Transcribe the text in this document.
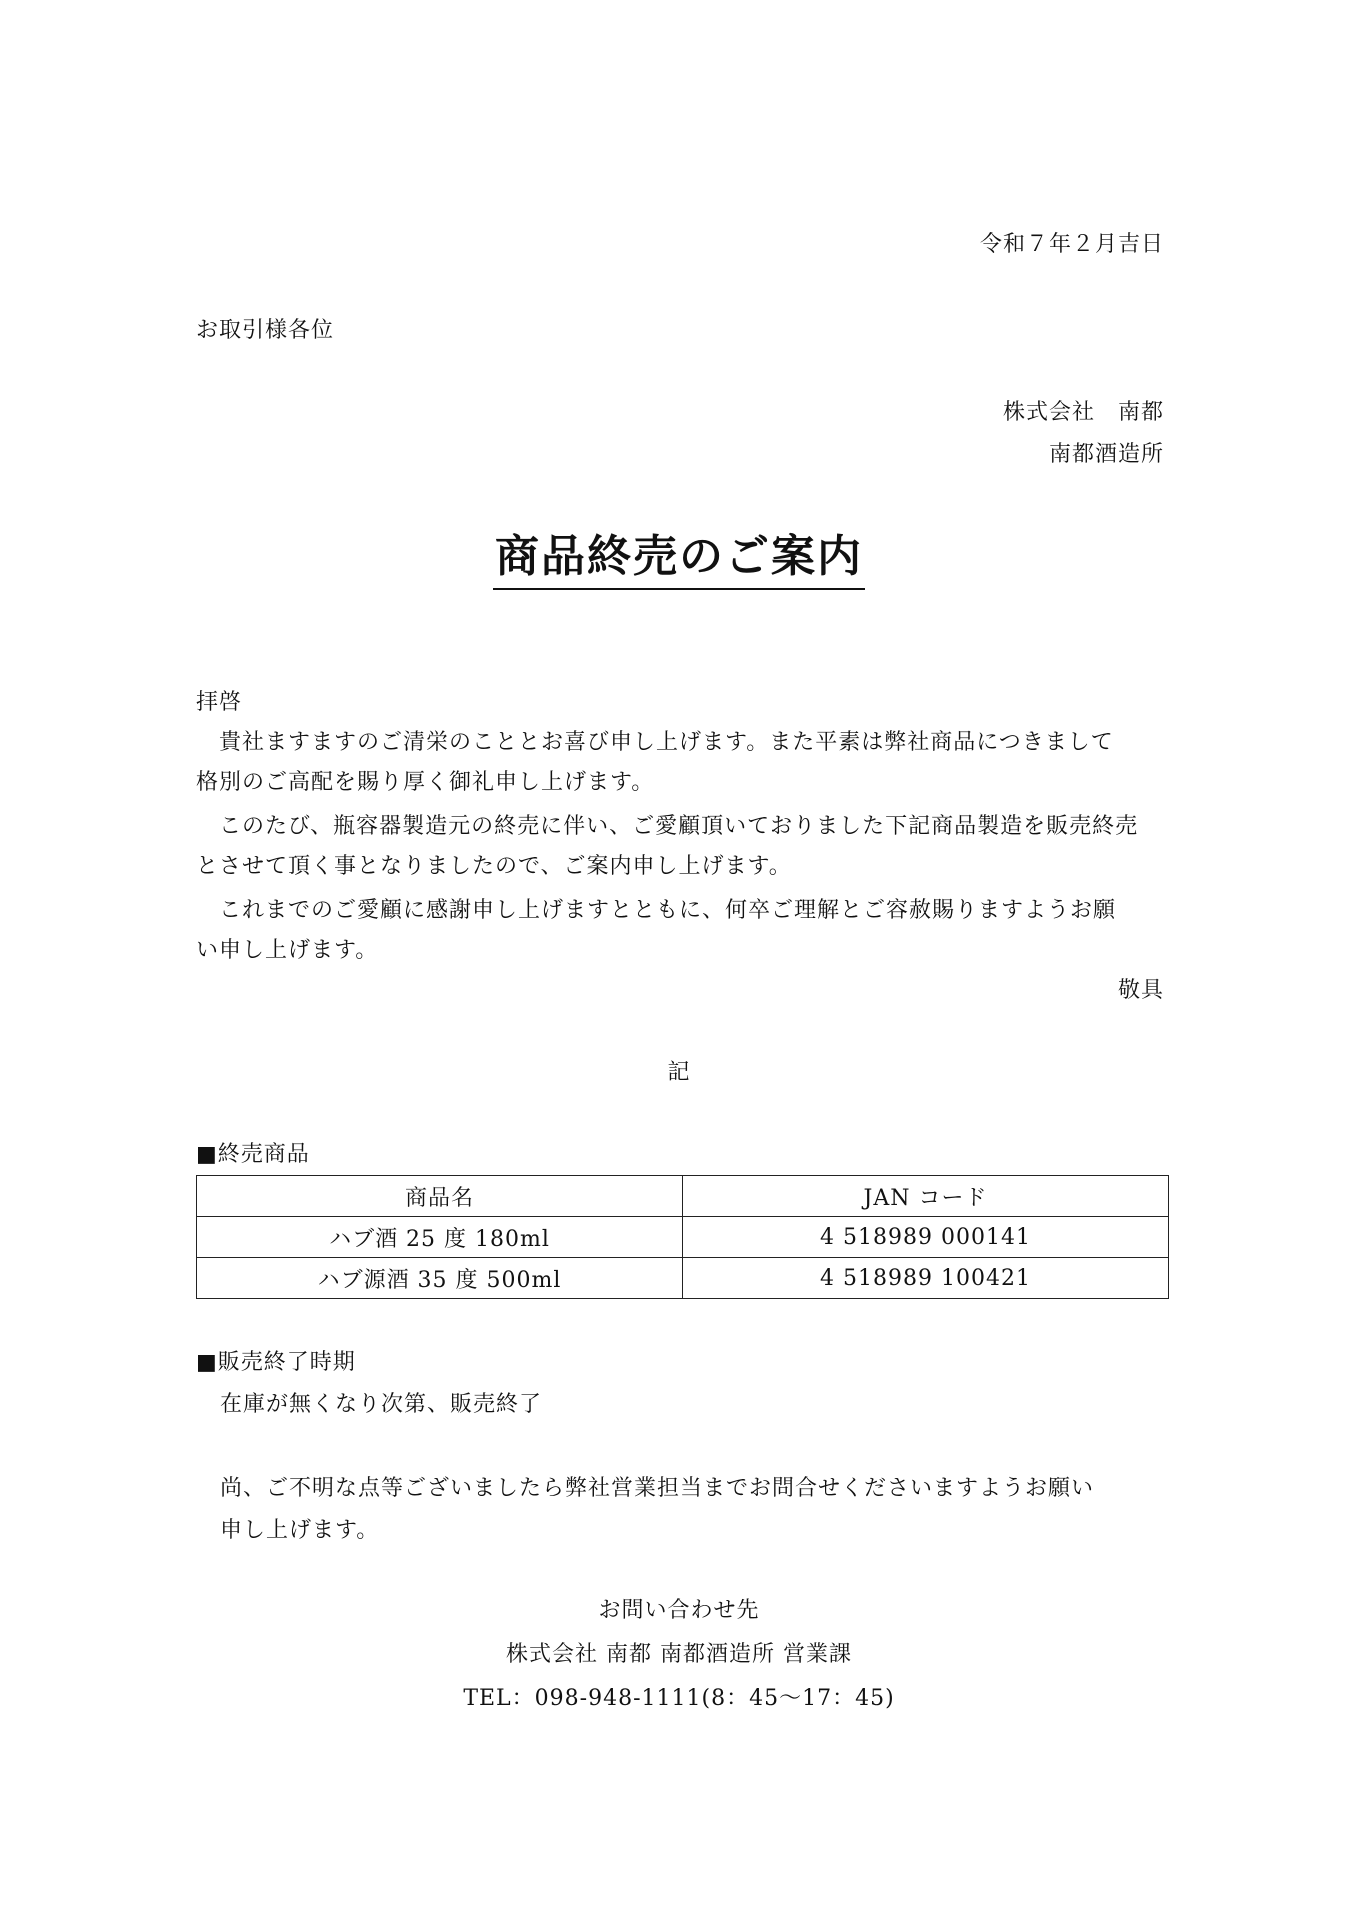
令和７年２月吉日
お取引様各位
株式会社　南都
南都酒造所
商品終売のご案内
拝啓
　貴社ますますのご清栄のこととお喜び申し上げます。また平素は弊社商品につきまして
格別のご高配を賜り厚く御礼申し上げます。
　このたび、瓶容器製造元の終売に伴い、ご愛顧頂いておりました下記商品製造を販売終売
とさせて頂く事となりましたので、ご案内申し上げます。
　これまでのご愛顧に感謝申し上げますとともに、何卒ご理解とご容赦賜りますようお願
い申し上げます。
敬具
記
■終売商品
商品名	JAN コード
ハブ酒 25 度 180ml	4 518989 000141
ハブ源酒 35 度 500ml	4 518989 100421
■販売終了時期
在庫が無くなり次第、販売終了
尚、ご不明な点等ございましたら弊社営業担当までお問合せくださいますようお願い
申し上げます。
お問い合わせ先
株式会社 南都 南都酒造所 営業課
TEL：098-948-1111(8：45〜17：45)
